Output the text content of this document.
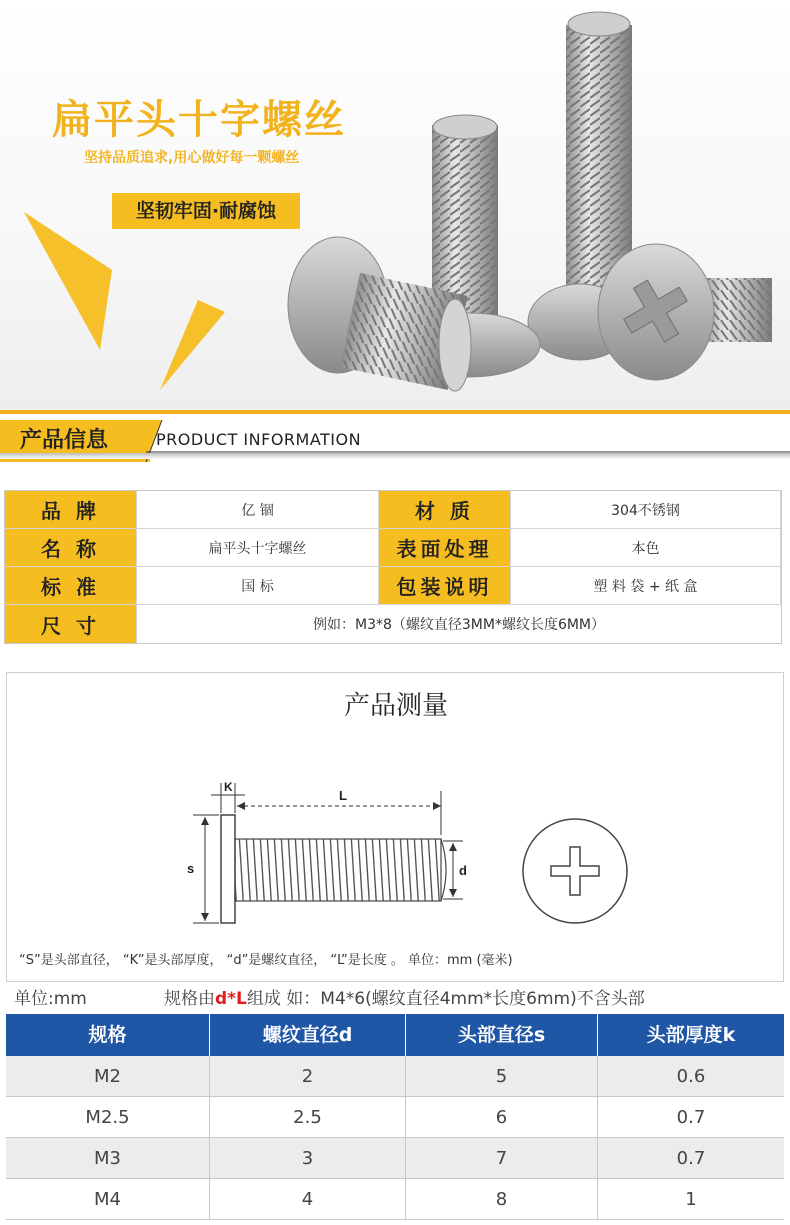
扁平头十字螺丝
坚持品质追求,用心做好每一颗螺丝
坚韧牢固·耐腐蚀
产品信息	PRODUCT INFORMATION
品 牌	亿 锢	材 质	304不锈钢
名 称	扁平头十字螺丝	表面处理	本色
标 准	国 标	包装说明	塑 料 袋 + 纸 盒
尺 寸	例如：M3*8（螺纹直径3MM*螺纹长度6MM）
产品测量
K
L
s	d
“S”是头部直径， “K”是头部厚度， “d”是螺纹直径， “L”是长度 。 单位：mm (毫米)
单位:mm	规格由d*L组成 如：M4*6(螺纹直径4mm*长度6mm)不含头部
规格	螺纹直径d	头部直径s	头部厚度k
M2	2	5	0.6
M2.5	2.5	6	0.7
M3	3	7	0.7
M4	4	8	1
